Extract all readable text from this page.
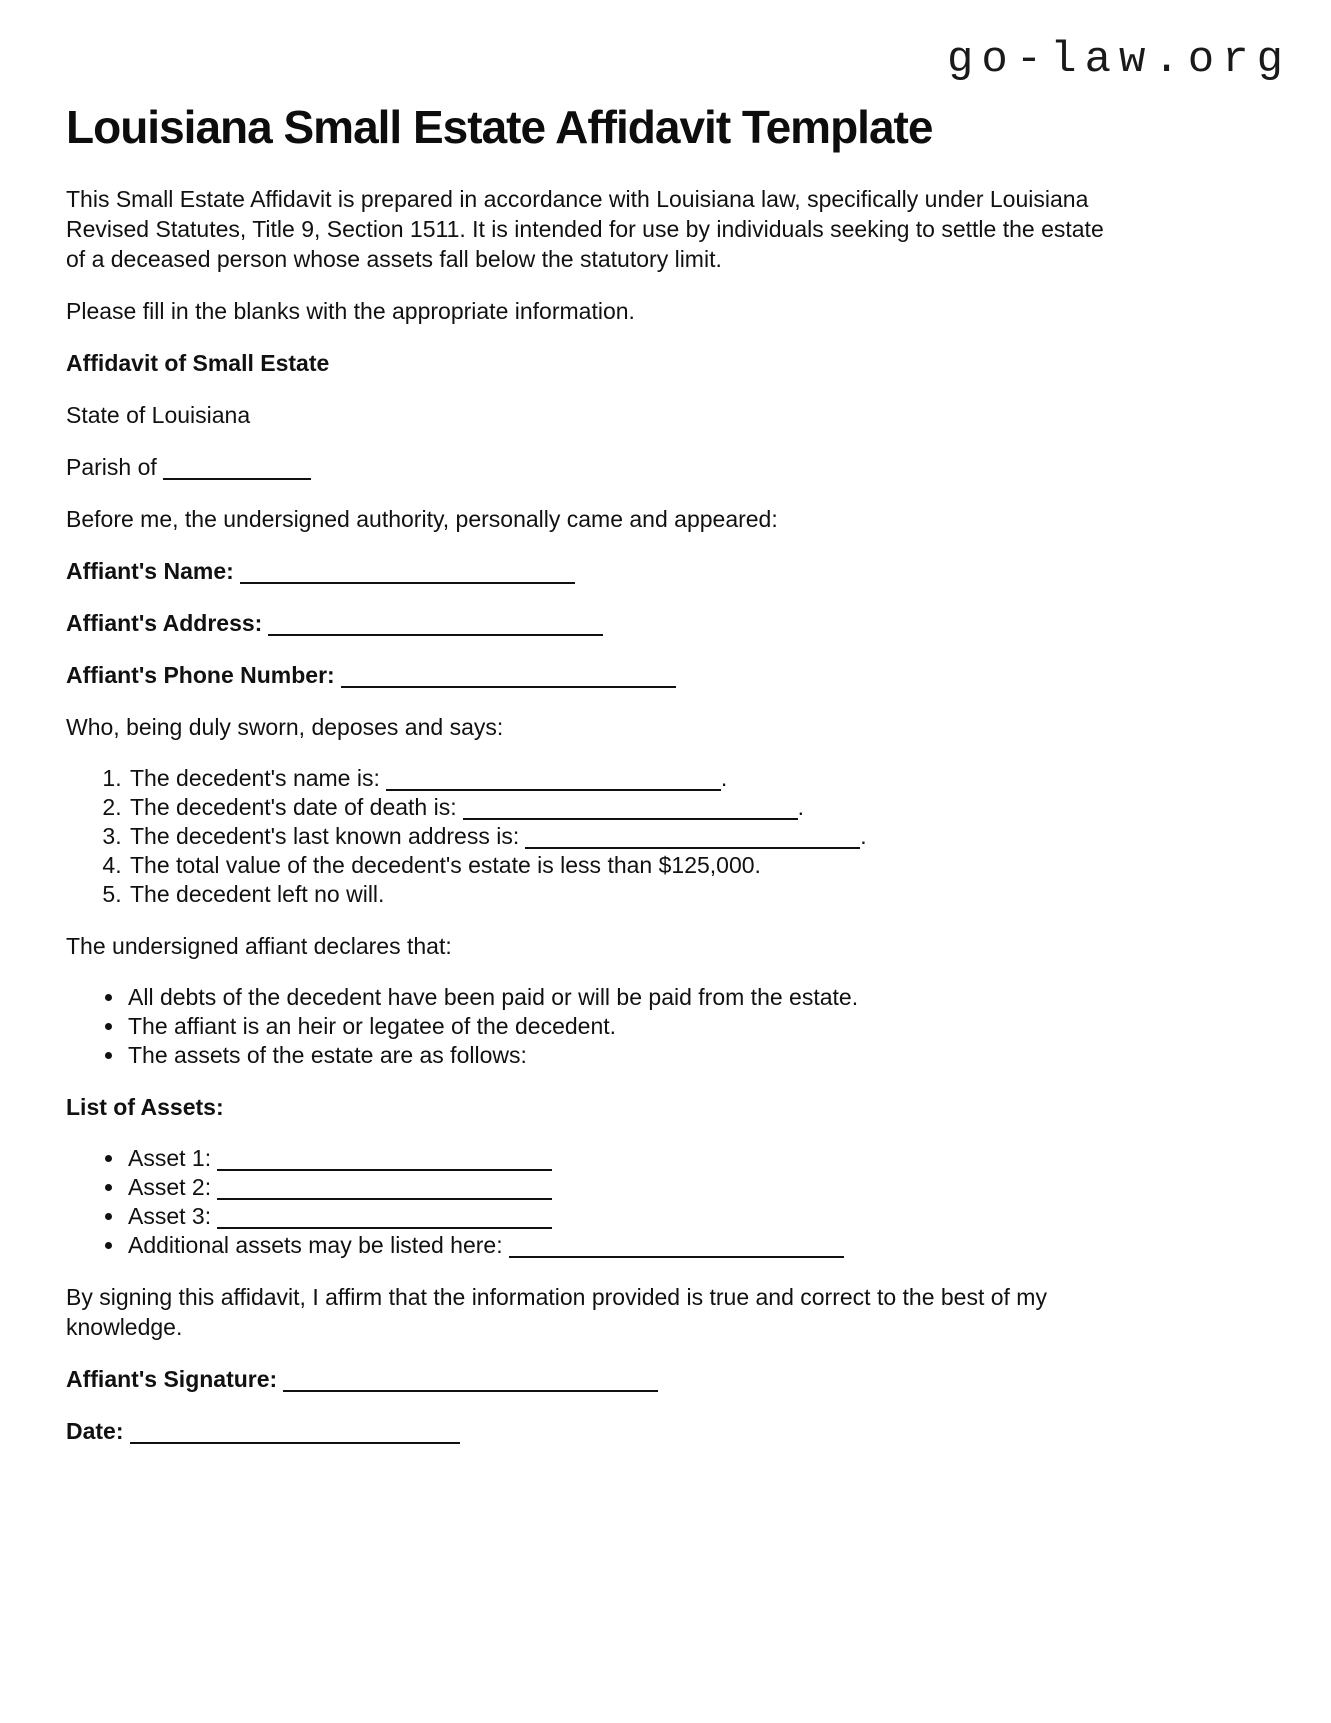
go-law.org
Louisiana Small Estate Affidavit Template

This Small Estate Affidavit is prepared in accordance with Louisiana law, specifically under Louisiana Revised Statutes, Title 9, Section 1511. It is intended for use by individuals seeking to settle the estate of a deceased person whose assets fall below the statutory limit.

Please fill in the blanks with the appropriate information.

Affidavit of Small Estate

State of Louisiana

Parish of

Before me, the undersigned authority, personally came and appeared:

Affiant's Name:

Affiant's Address:

Affiant's Phone Number:

Who, being duly sworn, deposes and says:

1. The decedent's name is:	.
2. The decedent's date of death is:	.
3. The decedent's last known address is:	.
4. The total value of the decedent's estate is less than $125,000.
5. The decedent left no will.

The undersigned affiant declares that:

• All debts of the decedent have been paid or will be paid from the estate.
• The affiant is an heir or legatee of the decedent.
• The assets of the estate are as follows:

List of Assets:

• Asset 1:
• Asset 2:
• Asset 3:
• Additional assets may be listed here:

By signing this affidavit, I affirm that the information provided is true and correct to the best of my knowledge.

Affiant's Signature:

Date:
